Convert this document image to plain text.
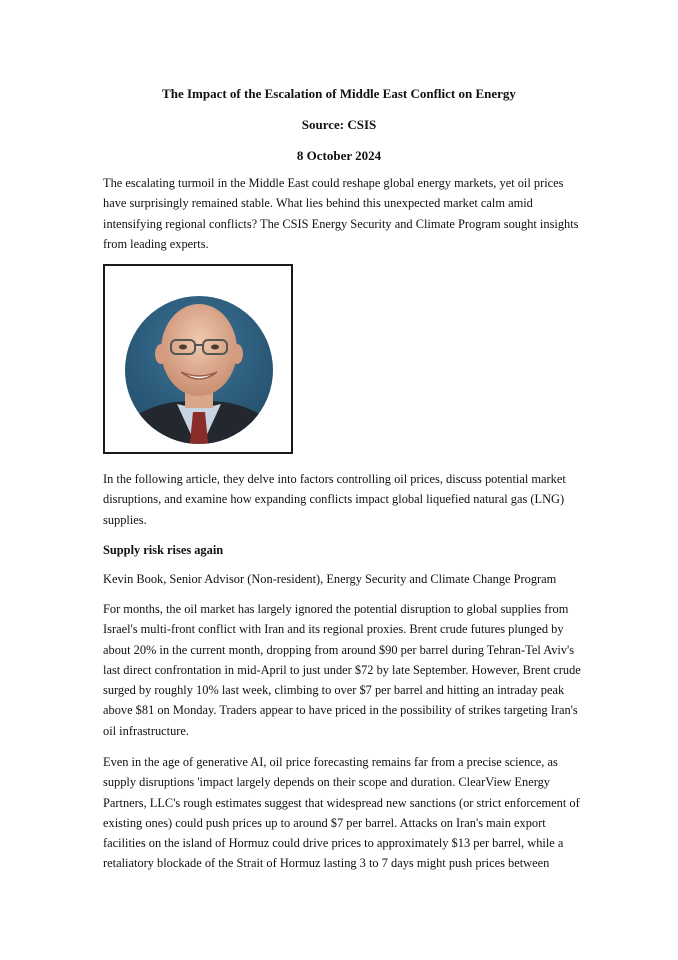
The Impact of the Escalation of Middle East Conflict on Energy
Source: CSIS
8 October 2024

The escalating turmoil in the Middle East could reshape global energy markets, yet oil prices have surprisingly remained stable. What lies behind this unexpected market calm amid intensifying regional conflicts? The CSIS Energy Security and Climate Program sought insights from leading experts.

In the following article, they delve into factors controlling oil prices, discuss potential market disruptions, and examine how expanding conflicts impact global liquefied natural gas (LNG) supplies.

Supply risk rises again

Kevin Book, Senior Advisor (Non-resident), Energy Security and Climate Change Program

For months, the oil market has largely ignored the potential disruption to global supplies from Israel's multi-front conflict with Iran and its regional proxies. Brent crude futures plunged by about 20% in the current month, dropping from around $90 per barrel during Tehran-Tel Aviv's last direct confrontation in mid-April to just under $72 by late September. However, Brent crude surged by roughly 10% last week, climbing to over $7 per barrel and hitting an intraday peak above $81 on Monday. Traders appear to have priced in the possibility of strikes targeting Iran's oil infrastructure.

Even in the age of generative AI, oil price forecasting remains far from a precise science, as supply disruptions 'impact largely depends on their scope and duration. ClearView Energy Partners, LLC's rough estimates suggest that widespread new sanctions (or strict enforcement of existing ones) could push prices up to around $7 per barrel. Attacks on Iran's main export facilities on the island of Hormuz could drive prices to approximately $13 per barrel, while a retaliatory blockade of the Strait of Hormuz lasting 3 to 7 days might push prices between
